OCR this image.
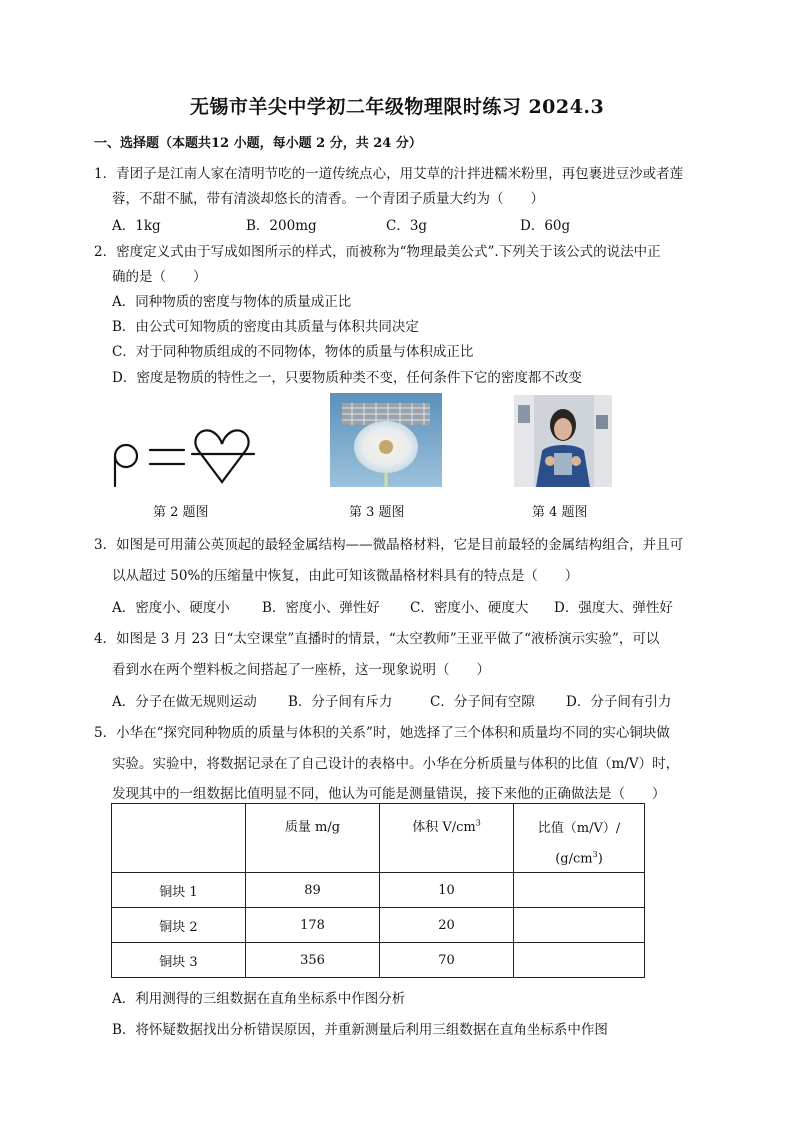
无锡市羊尖中学初二年级物理限时练习 2024.3
一、选择题（本题共12 小题，每小题 2 分，共 24 分）
1．青团子是江南人家在清明节吃的一道传统点心，用艾草的汁拌进糯米粉里，再包裹进豆沙或者莲
蓉，不甜不腻，带有清淡却悠长的清香。一个青团子质量大约为（　　）
A．1kg	B．200mg	C．3g	D．60g
2．密度定义式由于写成如图所示的样式，而被称为“物理最美公式”.下列关于该公式的说法中正
确的是（　　）
A．同种物质的密度与物体的质量成正比
B．由公式可知物质的密度由其质量与体积共同决定
C．对于同种物质组成的不同物体，物体的质量与体积成正比
D．密度是物质的特性之一，只要物质种类不变，任何条件下它的密度都不改变
第 2 题图	第 3 题图	第 4 题图
3．如图是可用蒲公英顶起的最轻金属结构——微晶格材料，它是目前最轻的金属结构组合，并且可
以从超过 50%的压缩量中恢复，由此可知该微晶格材料具有的特点是（　　）
A．密度小、硬度小 B．密度小、弹性好 C．密度小、硬度大 D．强度大、弹性好
4．如图是 3 月 23 日“太空课堂”直播时的情景，“太空教师”王亚平做了“液桥演示实验”，可以
看到水在两个塑料板之间搭起了一座桥，这一现象说明（　　）
A．分子在做无规则运动 B．分子间有斥力	C．分子间有空隙 D．分子间有引力
5．小华在“探究同种物质的质量与体积的关系”时，她选择了三个体积和质量均不同的实心铜块做
实验。实验中，将数据记录在了自己设计的表格中。小华在分析质量与体积的比值（m/V）时，
发现其中的一组数据比值明显不同，他认为可能是测量错误，接下来他的正确做法是（　　）
	质量 m/g	体积 $V/cm^3$	比值（m/V）/
$(g/cm^3)$
铜块 1	89	10	
铜块 2	178	20	
铜块 3	356	70	
A．利用测得的三组数据在直角坐标系中作图分析
B．将怀疑数据找出分析错误原因，并重新测量后利用三组数据在直角坐标系中作图
